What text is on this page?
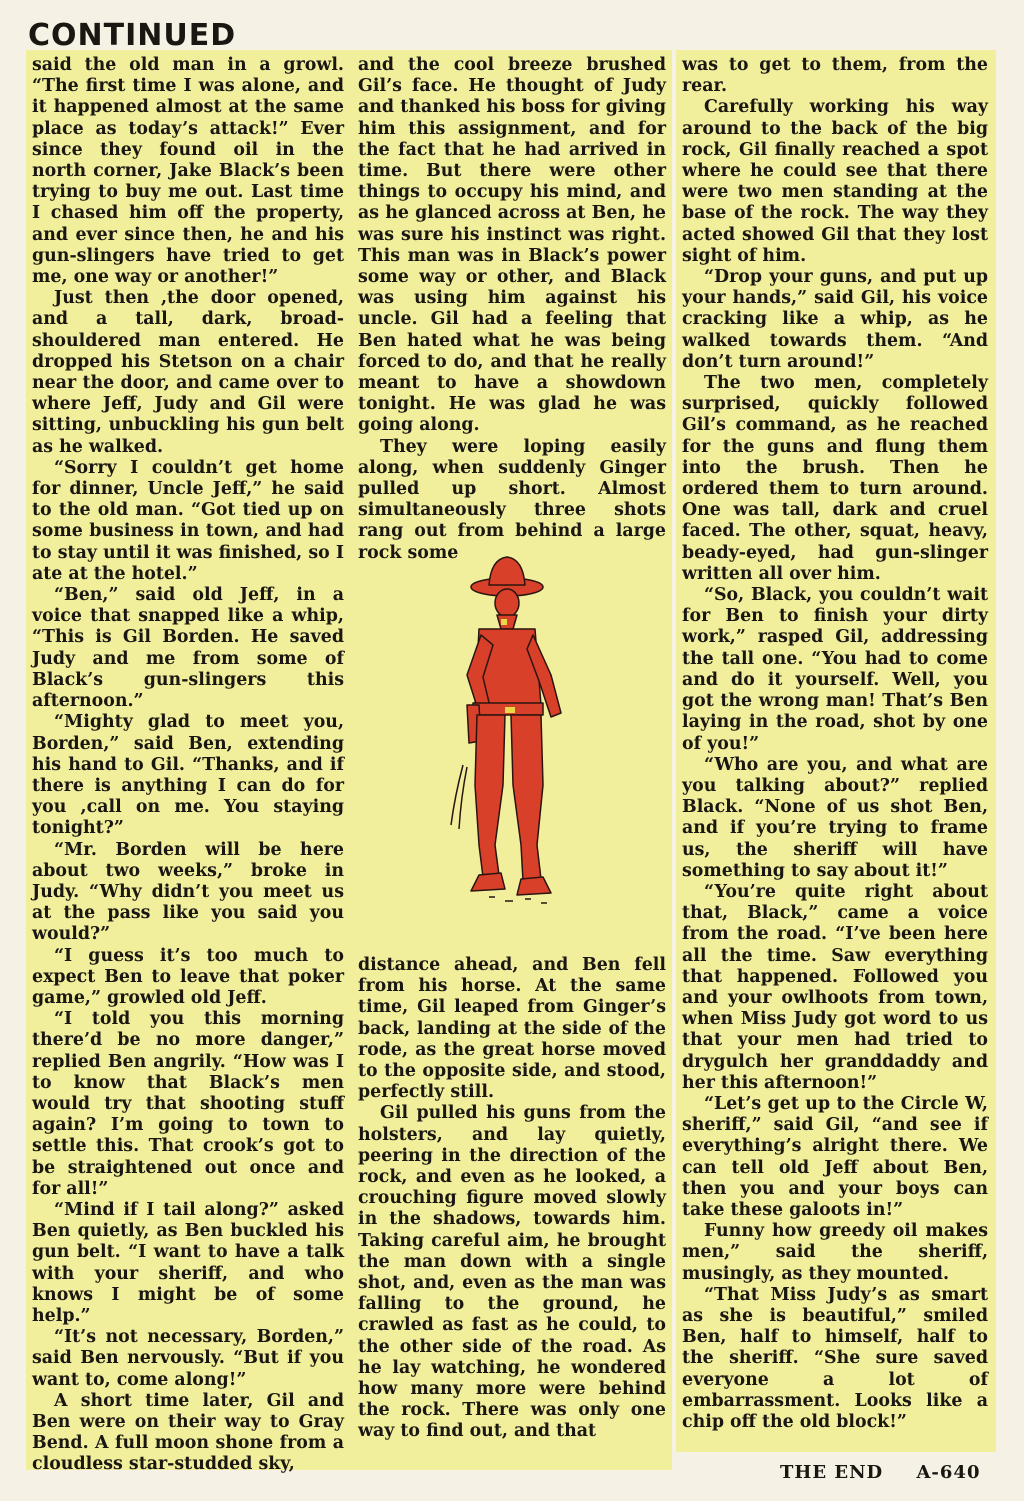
CONTINUED

said the old man in a growl. “The first time I was alone, and it happened almost at the same place as today’s attack!” Ever since they found oil in the north corner, Jake Black’s been trying to buy me out. Last time I chased him off the property, and ever since then, he and his gun-slingers have tried to get me, one way or another!”

Just then ,the door opened, and a tall, dark, broad-shouldered man entered. He dropped his Stetson on a chair near the door, and came over to where Jeff, Judy and Gil were sitting, unbuckling his gun belt as he walked.

“Sorry I couldn’t get home for dinner, Uncle Jeff,” he said to the old man. “Got tied up on some business in town, and had to stay until it was finished, so I ate at the hotel.”

“Ben,” said old Jeff, in a voice that snapped like a whip, “This is Gil Borden. He saved Judy and me from some of Black’s gun-slingers this afternoon.”

“Mighty glad to meet you, Borden,” said Ben, extending his hand to Gil. “Thanks, and if there is anything I can do for you ,call on me. You staying tonight?”

“Mr. Borden will be here about two weeks,” broke in Judy. “Why didn’t you meet us at the pass like you said you would?”

“I guess it’s too much to expect Ben to leave that poker game,” growled old Jeff.

“I told you this morning there’d be no more danger,” replied Ben angrily. “How was I to know that Black’s men would try that shooting stuff again? I’m going to town to settle this. That crook’s got to be straightened out once and for all!”

“Mind if I tail along?” asked Ben quietly, as Ben buckled his gun belt. “I want to have a talk with your sheriff, and who knows I might be of some help.”

“It’s not necessary, Borden,” said Ben nervously. “But if you want to, come along!”

A short time later, Gil and Ben were on their way to Gray Bend. A full moon shone from a cloudless star-studded sky,

and the cool breeze brushed Gil’s face. He thought of Judy and thanked his boss for giving him this assignment, and for the fact that he had arrived in time. But there were other things to occupy his mind, and as he glanced across at Ben, he was sure his instinct was right. This man was in Black’s power some way or other, and Black was using him against his uncle. Gil had a feeling that Ben hated what he was being forced to do, and that he really meant to have a showdown tonight. He was glad he was going along.

They were loping easily along, when suddenly Ginger pulled up short. Almost simultaneously three shots rang out from behind a large rock some

distance ahead, and Ben fell from his horse. At the same time, Gil leaped from Ginger’s back, landing at the side of the rode, as the great horse moved to the opposite side, and stood, perfectly still.

Gil pulled his guns from the holsters, and lay quietly, peering in the direction of the rock, and even as he looked, a crouching figure moved slowly in the shadows, towards him. Taking careful aim, he brought the man down with a single shot, and, even as the man was falling to the ground, he crawled as fast as he could, to the other side of the road. As he lay watching, he wondered how many more were behind the rock. There was only one way to find out, and that

was to get to them, from the rear.

Carefully working his way around to the back of the big rock, Gil finally reached a spot where he could see that there were two men standing at the base of the rock. The way they acted showed Gil that they lost sight of him.

“Drop your guns, and put up your hands,” said Gil, his voice cracking like a whip, as he walked towards them. “And don’t turn around!”

The two men, completely surprised, quickly followed Gil’s command, as he reached for the guns and flung them into the brush. Then he ordered them to turn around. One was tall, dark and cruel faced. The other, squat, heavy, beady-eyed, had gun-slinger written all over him.

“So, Black, you couldn’t wait for Ben to finish your dirty work,” rasped Gil, addressing the tall one. “You had to come and do it yourself. Well, you got the wrong man! That’s Ben laying in the road, shot by one of you!”

“Who are you, and what are you talking about?” replied Black. “None of us shot Ben, and if you’re trying to frame us, the sheriff will have something to say about it!”

“You’re quite right about that, Black,” came a voice from the road. “I’ve been here all the time. Saw everything that happened. Followed you and your owlhoots from town, when Miss Judy got word to us that your men had tried to drygulch her granddaddy and her this afternoon!”

“Let’s get up to the Circle W, sheriff,” said Gil, “and see if everything’s alright there. We can tell old Jeff about Ben, then you and your boys can take these galoots in!”

Funny how greedy oil makes men,” said the sheriff, musingly, as they mounted.

“That Miss Judy’s as smart as she is beautiful,” smiled Ben, half to himself, half to the sheriff. “She sure saved everyone a lot of embarrassment. Looks like a chip off the old block!”

THE END A-640
